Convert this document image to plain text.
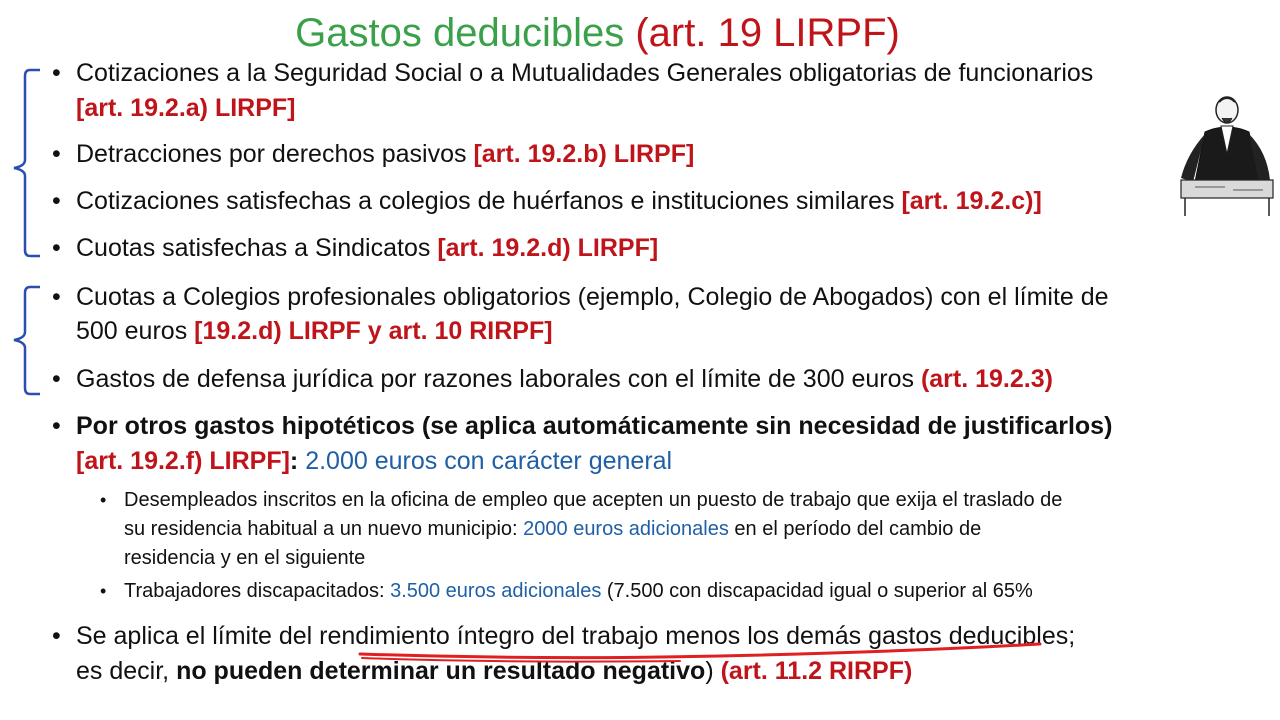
Gastos deducibles (art. 19 LIRPF)
• Cotizaciones a la Seguridad Social o a Mutualidades Generales obligatorias de funcionarios
[art. 19.2.a) LIRPF]
• Detracciones por derechos pasivos [art. 19.2.b) LIRPF]
• Cotizaciones satisfechas a colegios de huérfanos e instituciones similares [art. 19.2.c)]
• Cuotas satisfechas a Sindicatos [art. 19.2.d) LIRPF]
• Cuotas a Colegios profesionales obligatorios (ejemplo, Colegio de Abogados) con el límite de
500 euros [19.2.d) LIRPF y art. 10 RIRPF]
• Gastos de defensa jurídica por razones laborales con el límite de 300 euros (art. 19.2.3)
• Por otros gastos hipotéticos (se aplica automáticamente sin necesidad de justificarlos)
[art. 19.2.f) LIRPF]: 2.000 euros con carácter general
• Desempleados inscritos en la oficina de empleo que acepten un puesto de trabajo que exija el traslado de
su residencia habitual a un nuevo municipio: 2000 euros adicionales en el período del cambio de
residencia y en el siguiente
• Trabajadores discapacitados: 3.500 euros adicionales (7.500 con discapacidad igual o superior al 65%
• Se aplica el límite del rendimiento íntegro del trabajo menos los demás gastos deducibles;
es decir, no pueden determinar un resultado negativo) (art. 11.2 RIRPF)
